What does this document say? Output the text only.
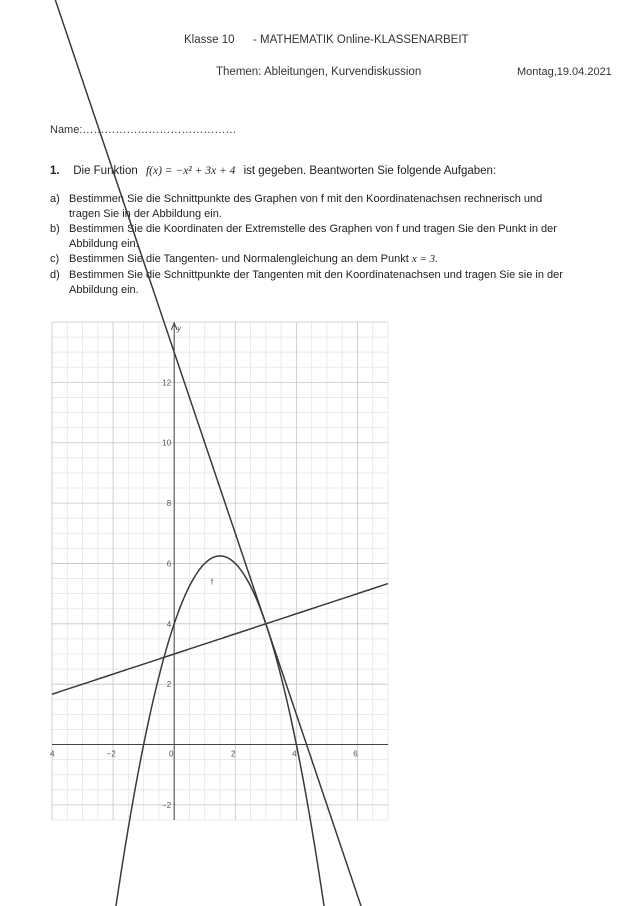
Klasse 10 - MATHEMATIK Online-KLASSENARBEIT
Themen: Ableitungen, Kurvendiskussion	Montag,19.04.2021
Name:……………………………………
1. Die Funktion f(x) = −x² + 3x + 4 ist gegeben. Beantworten Sie folgende Aufgaben:
a) Bestimmen Sie die Schnittpunkte des Graphen von f mit den Koordinatenachsen rechnerisch und
tragen Sie in der Abbildung ein.
b) Bestimmen Sie die Koordinaten der Extremstelle des Graphen von f und tragen Sie den Punkt in der
Abbildung ein.
c) Bestimmen Sie die Tangenten- und Normalengleichung an dem Punkt x = 3.
d) Bestimmen Sie die Schnittpunkte der Tangenten mit den Koordinatenachsen und tragen Sie sie in der
Abbildung ein.
4	−2	0	2	4	6
−2
2
4
6
8
10
12
y
f
